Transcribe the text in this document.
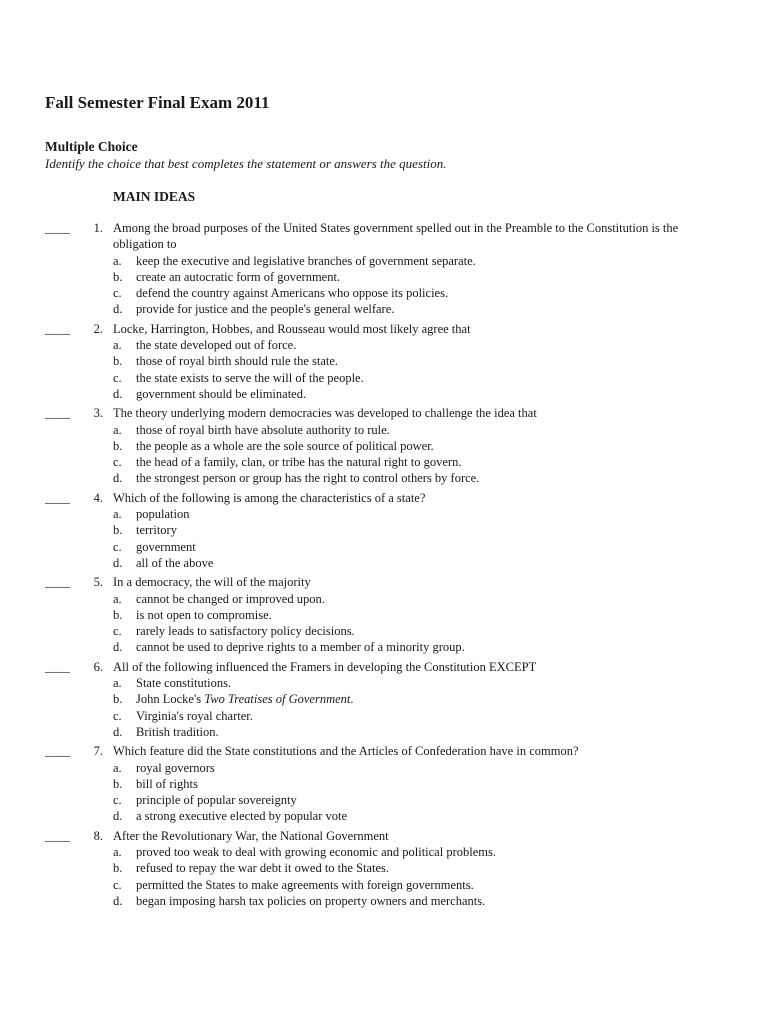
Fall Semester Final Exam 2011
Multiple Choice
Identify the choice that best completes the statement or answers the question.
MAIN IDEAS
____	1. Among the broad purposes of the United States government spelled out in the Preamble to the Constitution is the obligation to
a. keep the executive and legislative branches of government separate.
b. create an autocratic form of government.
c. defend the country against Americans who oppose its policies.
d. provide for justice and the people's general welfare.
____	2. Locke, Harrington, Hobbes, and Rousseau would most likely agree that
a. the state developed out of force.
b. those of royal birth should rule the state.
c. the state exists to serve the will of the people.
d. government should be eliminated.
____	3. The theory underlying modern democracies was developed to challenge the idea that
a. those of royal birth have absolute authority to rule.
b. the people as a whole are the sole source of political power.
c. the head of a family, clan, or tribe has the natural right to govern.
d. the strongest person or group has the right to control others by force.
____	4. Which of the following is among the characteristics of a state?
a. population
b. territory
c. government
d. all of the above
____	5. In a democracy, the will of the majority
a. cannot be changed or improved upon.
b. is not open to compromise.
c. rarely leads to satisfactory policy decisions.
d. cannot be used to deprive rights to a member of a minority group.
____	6. All of the following influenced the Framers in developing the Constitution EXCEPT
a. State constitutions.
b. John Locke's Two Treatises of Government.
c. Virginia's royal charter.
d. British tradition.
____	7. Which feature did the State constitutions and the Articles of Confederation have in common?
a. royal governors
b. bill of rights
c. principle of popular sovereignty
d. a strong executive elected by popular vote
____	8. After the Revolutionary War, the National Government
a. proved too weak to deal with growing economic and political problems.
b. refused to repay the war debt it owed to the States.
c. permitted the States to make agreements with foreign governments.
d. began imposing harsh tax policies on property owners and merchants.
